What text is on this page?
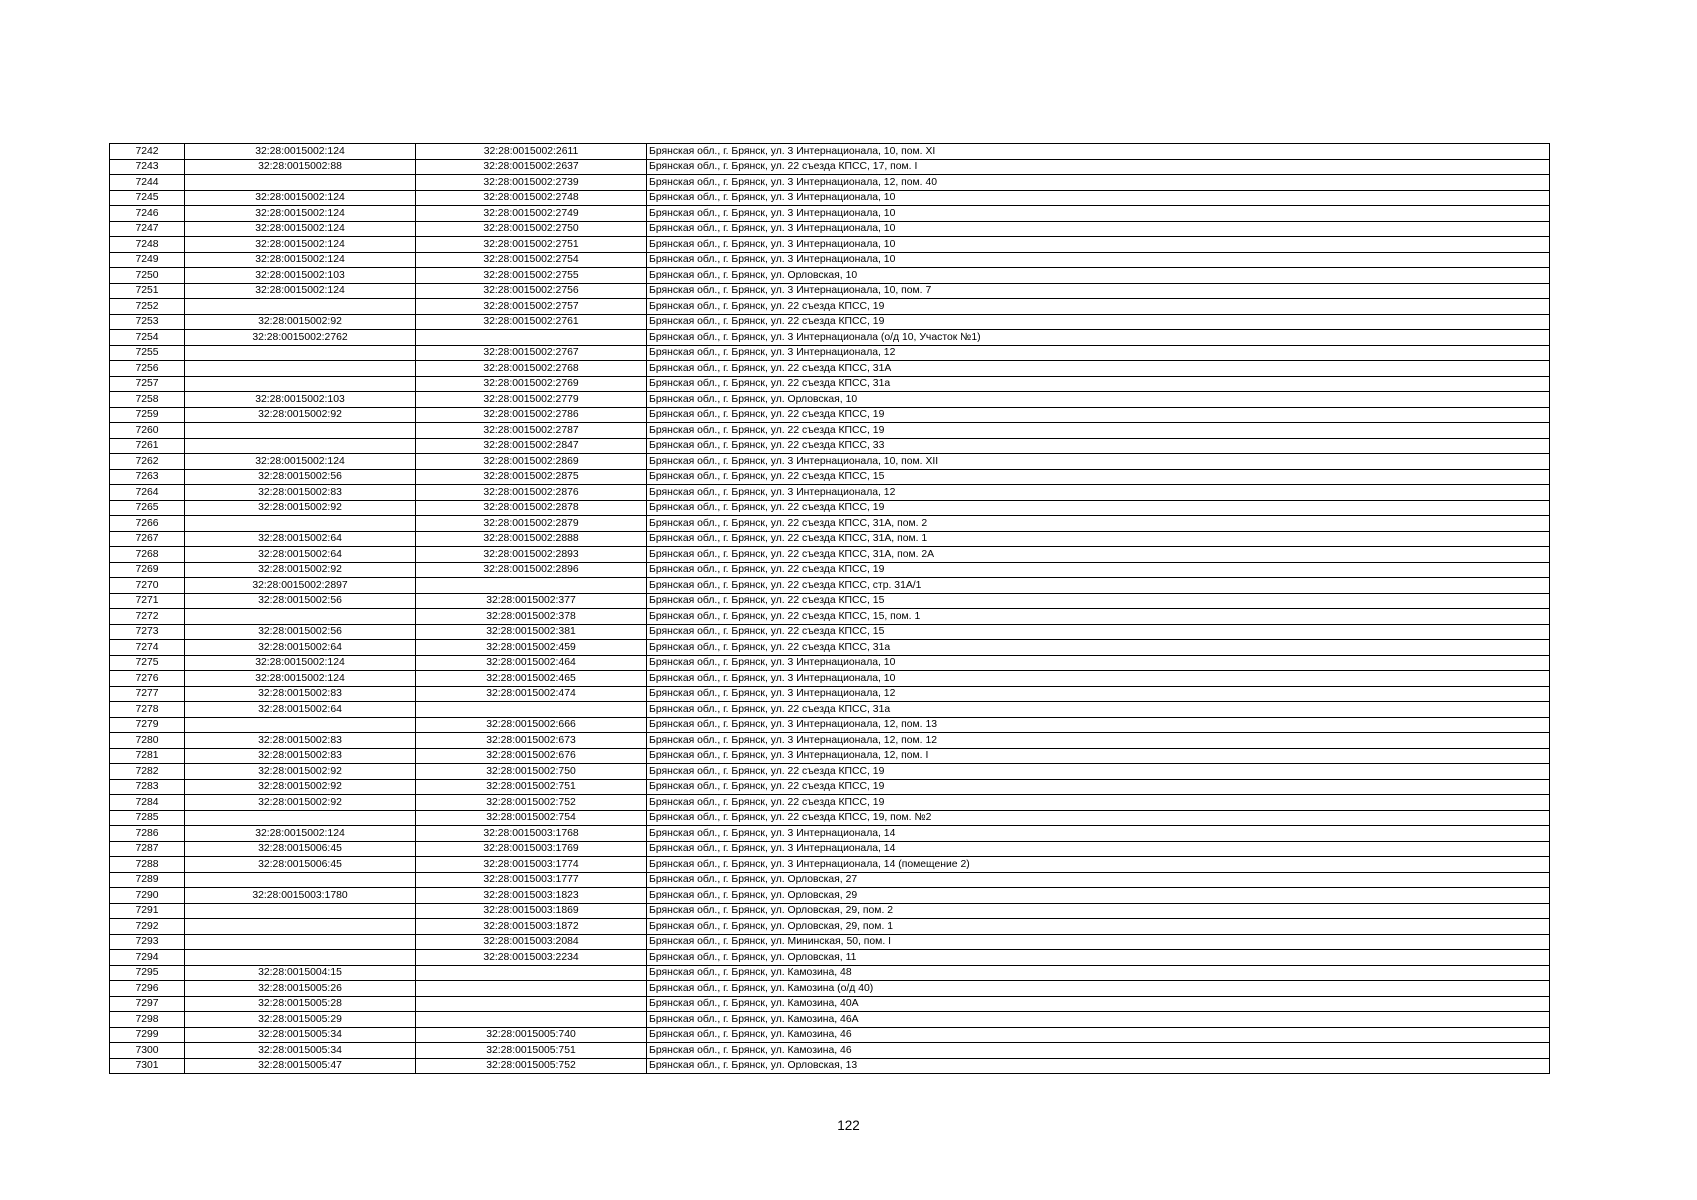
7242	32:28:0015002:124	32:28:0015002:2611	Брянская обл., г. Брянск, ул. 3 Интернационала, 10, пом. XI
7243	32:28:0015002:88	32:28:0015002:2637	Брянская обл., г. Брянск, ул. 22 съезда КПСС, 17, пом. I
7244		32:28:0015002:2739	Брянская обл., г. Брянск, ул. 3 Интернационала, 12, пом. 40
7245	32:28:0015002:124	32:28:0015002:2748	Брянская обл., г. Брянск, ул. 3 Интернационала, 10
7246	32:28:0015002:124	32:28:0015002:2749	Брянская обл., г. Брянск, ул. 3 Интернационала, 10
7247	32:28:0015002:124	32:28:0015002:2750	Брянская обл., г. Брянск, ул. 3 Интернационала, 10
7248	32:28:0015002:124	32:28:0015002:2751	Брянская обл., г. Брянск, ул. 3 Интернационала, 10
7249	32:28:0015002:124	32:28:0015002:2754	Брянская обл., г. Брянск, ул. 3 Интернационала, 10
7250	32:28:0015002:103	32:28:0015002:2755	Брянская обл., г. Брянск, ул. Орловская, 10
7251	32:28:0015002:124	32:28:0015002:2756	Брянская обл., г. Брянск, ул. 3 Интернационала, 10, пом. 7
7252		32:28:0015002:2757	Брянская обл., г. Брянск, ул. 22 съезда КПСС, 19
7253	32:28:0015002:92	32:28:0015002:2761	Брянская обл., г. Брянск, ул. 22 съезда КПСС, 19
7254	32:28:0015002:2762		Брянская обл., г. Брянск, ул. 3 Интернационала (о/д 10, Участок №1)
7255		32:28:0015002:2767	Брянская обл., г. Брянск, ул. 3 Интернационала, 12
7256		32:28:0015002:2768	Брянская обл., г. Брянск, ул. 22 съезда КПСС, 31А
7257		32:28:0015002:2769	Брянская обл., г. Брянск, ул. 22 съезда КПСС, 31а
7258	32:28:0015002:103	32:28:0015002:2779	Брянская обл., г. Брянск, ул. Орловская, 10
7259	32:28:0015002:92	32:28:0015002:2786	Брянская обл., г. Брянск, ул. 22 съезда КПСС, 19
7260		32:28:0015002:2787	Брянская обл., г. Брянск, ул. 22 съезда КПСС, 19
7261		32:28:0015002:2847	Брянская обл., г. Брянск, ул. 22 съезда КПСС, 33
7262	32:28:0015002:124	32:28:0015002:2869	Брянская обл., г. Брянск, ул. 3 Интернационала, 10, пом. XII
7263	32:28:0015002:56	32:28:0015002:2875	Брянская обл., г. Брянск, ул. 22 съезда КПСС, 15
7264	32:28:0015002:83	32:28:0015002:2876	Брянская обл., г. Брянск, ул. 3 Интернационала, 12
7265	32:28:0015002:92	32:28:0015002:2878	Брянская обл., г. Брянск, ул. 22 съезда КПСС, 19
7266		32:28:0015002:2879	Брянская обл., г. Брянск, ул. 22 съезда КПСС, 31А, пом. 2
7267	32:28:0015002:64	32:28:0015002:2888	Брянская обл., г. Брянск, ул. 22 съезда КПСС, 31А, пом. 1
7268	32:28:0015002:64	32:28:0015002:2893	Брянская обл., г. Брянск, ул. 22 съезда КПСС, 31А, пом. 2А
7269	32:28:0015002:92	32:28:0015002:2896	Брянская обл., г. Брянск, ул. 22 съезда КПСС, 19
7270	32:28:0015002:2897		Брянская обл., г. Брянск, ул. 22 съезда КПСС, стр. 31А/1
7271	32:28:0015002:56	32:28:0015002:377	Брянская обл., г. Брянск, ул. 22 съезда КПСС, 15
7272		32:28:0015002:378	Брянская обл., г. Брянск, ул. 22 съезда КПСС, 15, пом. 1
7273	32:28:0015002:56	32:28:0015002:381	Брянская обл., г. Брянск, ул. 22 съезда КПСС, 15
7274	32:28:0015002:64	32:28:0015002:459	Брянская обл., г. Брянск, ул. 22 съезда КПСС, 31а
7275	32:28:0015002:124	32:28:0015002:464	Брянская обл., г. Брянск, ул. 3 Интернационала, 10
7276	32:28:0015002:124	32:28:0015002:465	Брянская обл., г. Брянск, ул. 3 Интернационала, 10
7277	32:28:0015002:83	32:28:0015002:474	Брянская обл., г. Брянск, ул. 3 Интернационала, 12
7278	32:28:0015002:64		Брянская обл., г. Брянск, ул. 22 съезда КПСС, 31а
7279		32:28:0015002:666	Брянская обл., г. Брянск, ул. 3 Интернационала, 12, пом. 13
7280	32:28:0015002:83	32:28:0015002:673	Брянская обл., г. Брянск, ул. 3 Интернационала, 12, пом. 12
7281	32:28:0015002:83	32:28:0015002:676	Брянская обл., г. Брянск, ул. 3 Интернационала, 12, пом. I
7282	32:28:0015002:92	32:28:0015002:750	Брянская обл., г. Брянск, ул. 22 съезда КПСС, 19
7283	32:28:0015002:92	32:28:0015002:751	Брянская обл., г. Брянск, ул. 22 съезда КПСС, 19
7284	32:28:0015002:92	32:28:0015002:752	Брянская обл., г. Брянск, ул. 22 съезда КПСС, 19
7285		32:28:0015002:754	Брянская обл., г. Брянск, ул. 22 съезда КПСС, 19, пом. №2
7286	32:28:0015002:124	32:28:0015003:1768	Брянская обл., г. Брянск, ул. 3 Интернационала, 14
7287	32:28:0015006:45	32:28:0015003:1769	Брянская обл., г. Брянск, ул. 3 Интернационала, 14
7288	32:28:0015006:45	32:28:0015003:1774	Брянская обл., г. Брянск, ул. 3 Интернационала, 14 (помещение 2)
7289		32:28:0015003:1777	Брянская обл., г. Брянск, ул. Орловская, 27
7290	32:28:0015003:1780	32:28:0015003:1823	Брянская обл., г. Брянск, ул. Орловская, 29
7291		32:28:0015003:1869	Брянская обл., г. Брянск, ул. Орловская, 29, пом. 2
7292		32:28:0015003:1872	Брянская обл., г. Брянск, ул. Орловская, 29, пом. 1
7293		32:28:0015003:2084	Брянская обл., г. Брянск, ул. Мининская, 50, пом. I
7294		32:28:0015003:2234	Брянская обл., г. Брянск, ул. Орловская, 11
7295	32:28:0015004:15		Брянская обл., г. Брянск, ул. Камозина, 48
7296	32:28:0015005:26		Брянская обл., г. Брянск, ул. Камозина (о/д 40)
7297	32:28:0015005:28		Брянская обл., г. Брянск, ул. Камозина, 40А
7298	32:28:0015005:29		Брянская обл., г. Брянск, ул. Камозина, 46А
7299	32:28:0015005:34	32:28:0015005:740	Брянская обл., г. Брянск, ул. Камозина, 46
7300	32:28:0015005:34	32:28:0015005:751	Брянская обл., г. Брянск, ул. Камозина, 46
7301	32:28:0015005:47	32:28:0015005:752	Брянская обл., г. Брянск, ул. Орловская, 13
122
